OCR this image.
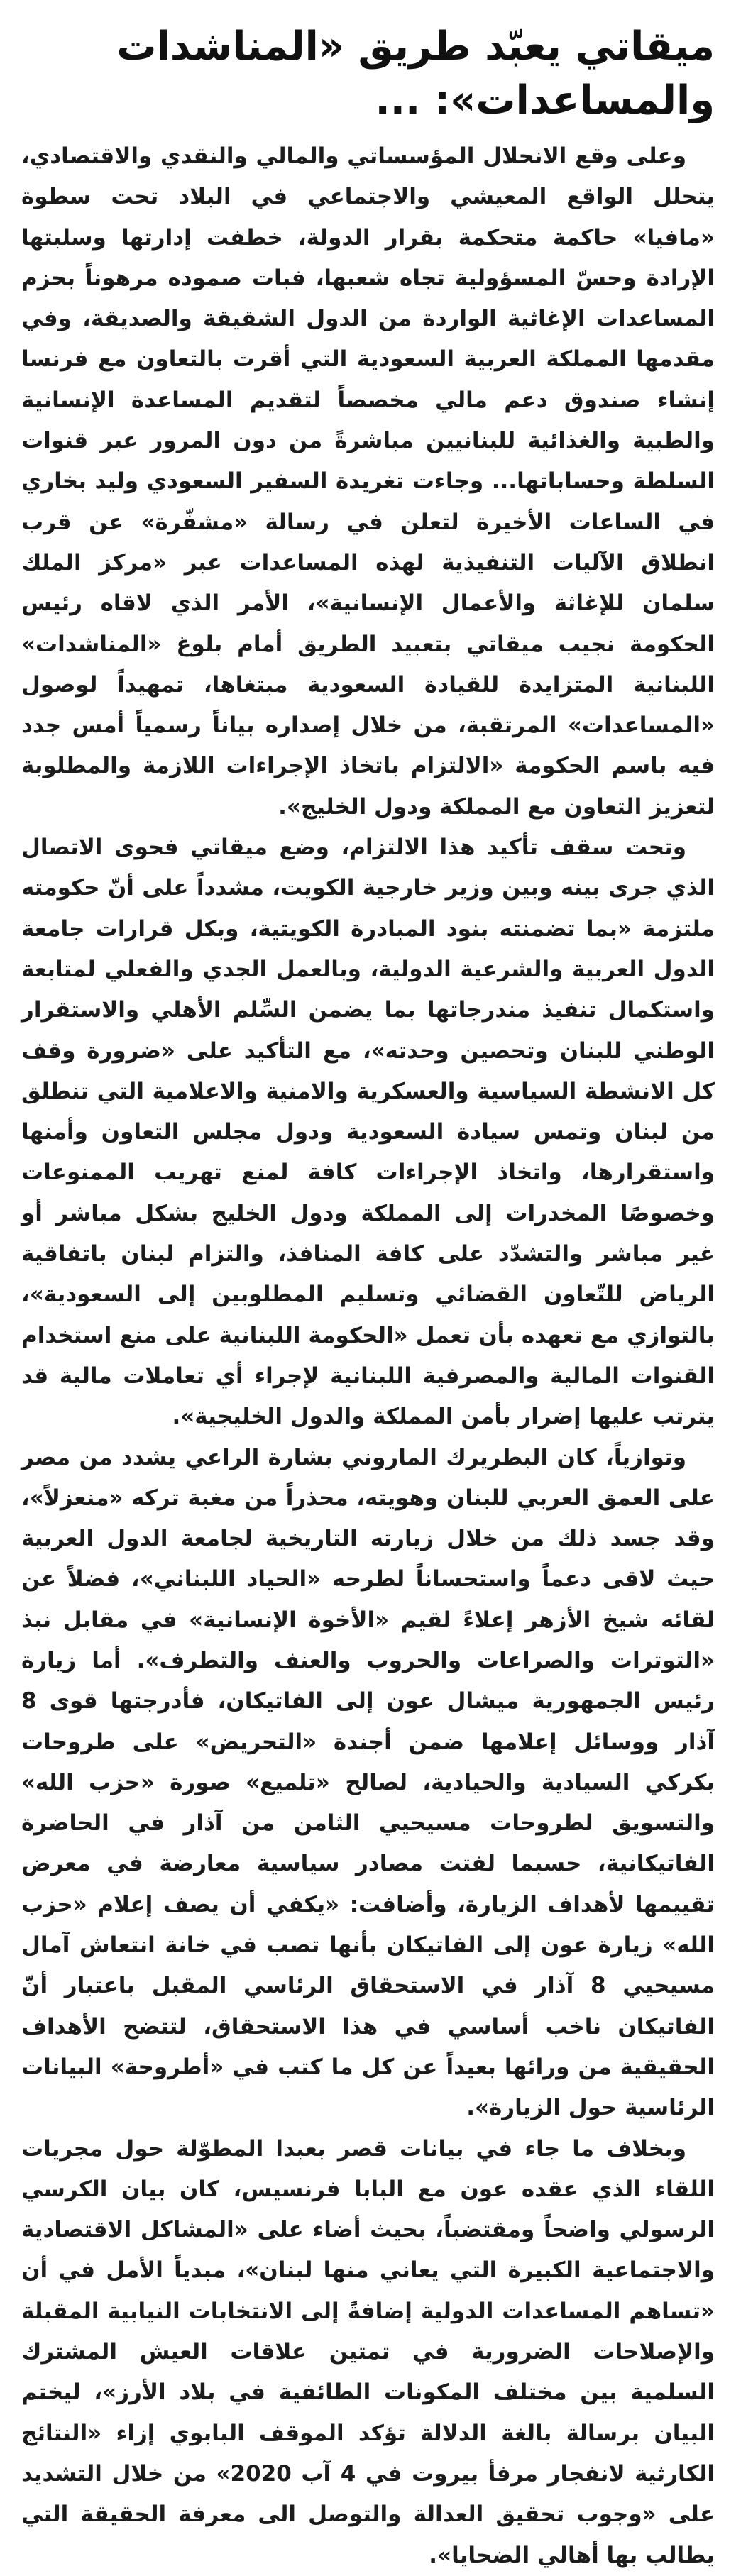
ميقاتي يعبّد طريق «المناشدات والمساعدات»: ...

وعلى وقع الانحلال المؤسساتي والمالي والنقدي والاقتصادي، يتحلل الواقع المعيشي والاجتماعي في البلاد تحت سطوة «مافيا» حاكمة متحكمة بقرار الدولة، خطفت إدارتها وسلبتها الإرادة وحسّ المسؤولية تجاه شعبها، فبات صموده مرهوناً بحزم المساعدات الإغاثية الواردة من الدول الشقيقة والصديقة، وفي مقدمها المملكة العربية السعودية التي أقرت بالتعاون مع فرنسا إنشاء صندوق دعم مالي مخصصاً لتقديم المساعدة الإنسانية والطبية والغذائية للبنانيين مباشرةً من دون المرور عبر قنوات السلطة وحساباتها... وجاءت تغريدة السفير السعودي وليد بخاري في الساعات الأخيرة لتعلن في رسالة «مشفّرة» عن قرب انطلاق الآليات التنفيذية لهذه المساعدات عبر «مركز الملك سلمان للإغاثة والأعمال الإنسانية»، الأمر الذي لاقاه رئيس الحكومة نجيب ميقاتي بتعبيد الطريق أمام بلوغ «المناشدات» اللبنانية المتزايدة للقيادة السعودية مبتغاها، تمهيداً لوصول «المساعدات» المرتقبة، من خلال إصداره بياناً رسمياً أمس جدد فيه باسم الحكومة «الالتزام باتخاذ الإجراءات اللازمة والمطلوبة لتعزيز التعاون مع المملكة ودول الخليج».

وتحت سقف تأكيد هذا الالتزام، وضع ميقاتي فحوى الاتصال الذي جرى بينه وبين وزير خارجية الكويت، مشدداً على أنّ حكومته ملتزمة «بما تضمنته بنود المبادرة الكويتية، وبكل قرارات جامعة الدول العربية والشرعية الدولية، وبالعمل الجدي والفعلي لمتابعة واستكمال تنفيذ مندرجاتها بما يضمن السِّلم الأهلي والاستقرار الوطني للبنان وتحصين وحدته»، مع التأكيد على «ضرورة وقف كل الانشطة السياسية والعسكرية والامنية والاعلامية التي تنطلق من لبنان وتمس سيادة السعودية ودول مجلس التعاون وأمنها واستقرارها، واتخاذ الإجراءات كافة لمنع تهريب الممنوعات وخصوصًا المخدرات إلى المملكة ودول الخليج بشكل مباشر أو غير مباشر والتشدّد على كافة المنافذ، والتزام لبنان باتفاقية الرياض للتّعاون القضائي وتسليم المطلوبين إلى السعودية»، بالتوازي مع تعهده بأن تعمل «الحكومة اللبنانية على منع استخدام القنوات المالية والمصرفية اللبنانية لإجراء أي تعاملات مالية قد يترتب عليها إضرار بأمن المملكة والدول الخليجية».

وتوازياً، كان البطريرك الماروني بشارة الراعي يشدد من مصر على العمق العربي للبنان وهويته، محذراً من مغبة تركه «منعزلاً»، وقد جسد ذلك من خلال زيارته التاريخية لجامعة الدول العربية حيث لاقى دعماً واستحساناً لطرحه «الحياد اللبناني»، فضلاً عن لقائه شيخ الأزهر إعلاءً لقيم «الأخوة الإنسانية» في مقابل نبذ «التوترات والصراعات والحروب والعنف والتطرف». أما زيارة رئيس الجمهورية ميشال عون إلى الفاتيكان، فأدرجتها قوى 8 آذار ووسائل إعلامها ضمن أجندة «التحريض» على طروحات بكركي السيادية والحيادية، لصالح «تلميع» صورة «حزب الله» والتسويق لطروحات مسيحيي الثامن من آذار في الحاضرة الفاتيكانية، حسبما لفتت مصادر سياسية معارضة في معرض تقييمها لأهداف الزيارة، وأضافت: «يكفي أن يصف إعلام «حزب الله» زيارة عون إلى الفاتيكان بأنها تصب في خانة انتعاش آمال مسيحيي 8 آذار في الاستحقاق الرئاسي المقبل باعتبار أنّ الفاتيكان ناخب أساسي في هذا الاستحقاق، لتتضح الأهداف الحقيقية من ورائها بعيداً عن كل ما كتب في «أطروحة» البيانات الرئاسية حول الزيارة».

وبخلاف ما جاء في بيانات قصر بعبدا المطوّلة حول مجريات اللقاء الذي عقده عون مع البابا فرنسيس، كان بيان الكرسي الرسولي واضحاً ومقتضباً، بحيث أضاء على «المشاكل الاقتصادية والاجتماعية الكبيرة التي يعاني منها لبنان»، مبدياً الأمل في أن «تساهم المساعدات الدولية إضافةً إلى الانتخابات النيابية المقبلة والإصلاحات الضرورية في تمتين علاقات العيش المشترك السلمية بين مختلف المكونات الطائفية في بلاد الأرز»، ليختم البيان برسالة بالغة الدلالة تؤكد الموقف البابوي إزاء «النتائج الكارثية لانفجار مرفأ بيروت في 4 آب 2020» من خلال التشديد على «وجوب تحقيق العدالة والتوصل الى معرفة الحقيقة التي يطالب بها أهالي الضحايا».
